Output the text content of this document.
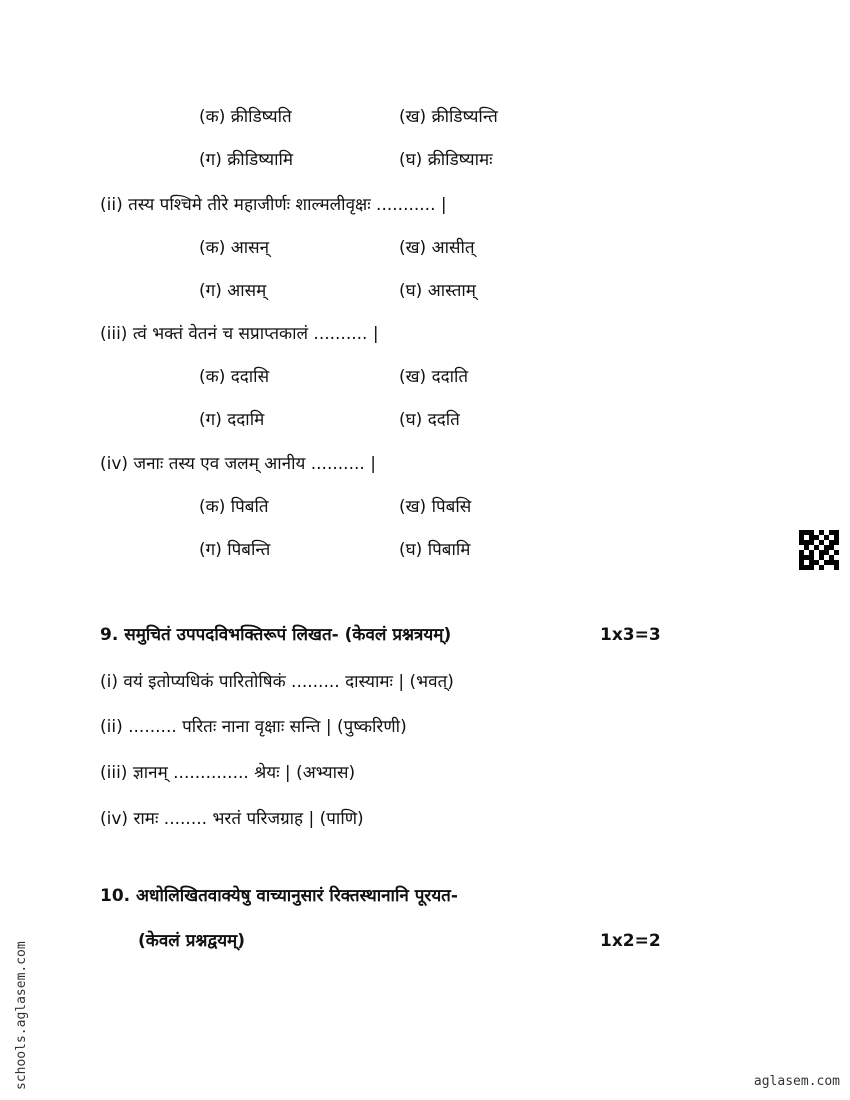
(क) क्रीडिष्यति	(ख) क्रीडिष्यन्ति
(ग) क्रीडिष्यामि	(घ) क्रीडिष्यामः
(ii) तस्य पश्चिमे तीरे महाजीर्णः शाल्मलीवृक्षः ........... |
(क) आसन्	(ख) आसीत्
(ग) आसम्	(घ) आस्ताम्
(iii) त्वं भक्तं वेतनं च सप्राप्तकालं .......... |
(क) ददासि	(ख) ददाति
(ग) ददामि	(घ) ददति
(iv) जनाः तस्य एव जलम् आनीय .......... |
(क) पिबति	(ख) पिबसि
(ग) पिबन्ति	(घ) पिबामि
9. समुचितं उपपदविभक्तिरूपं लिखत- (केवलं प्रश्नत्रयम्)	1x3=3
(i) वयं इतोप्यधिकं पारितोषिकं ......... दास्यामः | (भवत्)
(ii) ......... परितः नाना वृक्षाः सन्ति | (पुष्करिणी)
(iii) ज्ञानम् .............. श्रेयः | (अभ्यास)
(iv) रामः ........ भरतं परिजग्राह | (पाणि)
10. अधोलिखितवाक्येषु वाच्यानुसारं रिक्तस्थानानि पूरयत-
(केवलं प्रश्नद्वयम्)	1x2=2
schools.aglasem.com	aglasem.com
